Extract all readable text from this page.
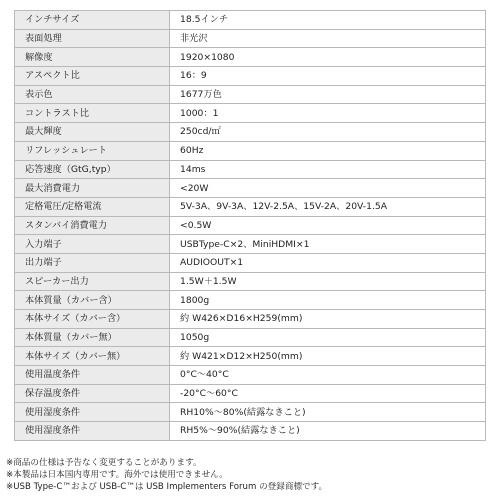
インチサイズ	18.5インチ
表面処理	非光沢
解像度	1920×1080
アスペクト比	16：9
表示色	1677万色
コントラスト比	1000：1
最大輝度	250cd/㎡
リフレッシュレート	60Hz
応答速度（GtG,typ）	14ms
最大消費電力	<20W
定格電圧/定格電流	5V-3A、9V-3A、12V-2.5A、15V-2A、20V-1.5A
スタンバイ消費電力	<0.5W
入力端子	USBType-C×2、MiniHDMI×1
出力端子	AUDIOOUT×1
スピーカー出力	1.5W＋1.5W
本体質量（カバー含）	1800g
本体サイズ（カバー含）	約 W426×D16×H259(mm)
本体質量（カバー無）	1050g
本体サイズ（カバー無）	約 W421×D12×H250(mm)
使用温度条件	0°C〜40°C
保存温度条件	-20°C〜60°C
使用湿度条件	RH10%〜80%(結露なきこと)
使用湿度条件	RH5%〜90%(結露なきこと)
※商品の仕様は予告なく変更することがあります。
※本製品は日本国内専用です。海外では使用できません。
※USB Type-C™および USB-C™は USB Implementers Forum の登録商標です。
